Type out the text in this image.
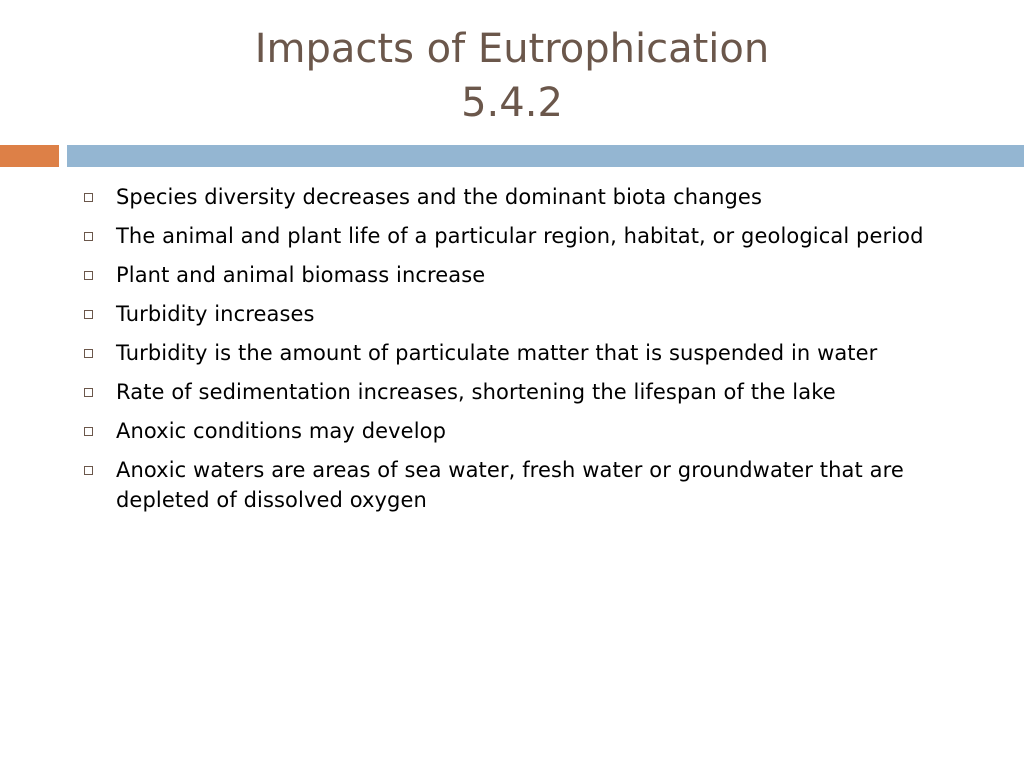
Impacts of Eutrophication
5.4.2
Species diversity decreases and the dominant biota changes
The animal and plant life of a particular region, habitat, or geological period
Plant and animal biomass increase
Turbidity increases
Turbidity is the amount of particulate matter that is suspended in water
Rate of sedimentation increases, shortening the lifespan of the lake
Anoxic conditions may develop
Anoxic waters are areas of sea water, fresh water or groundwater that are depleted of dissolved oxygen
